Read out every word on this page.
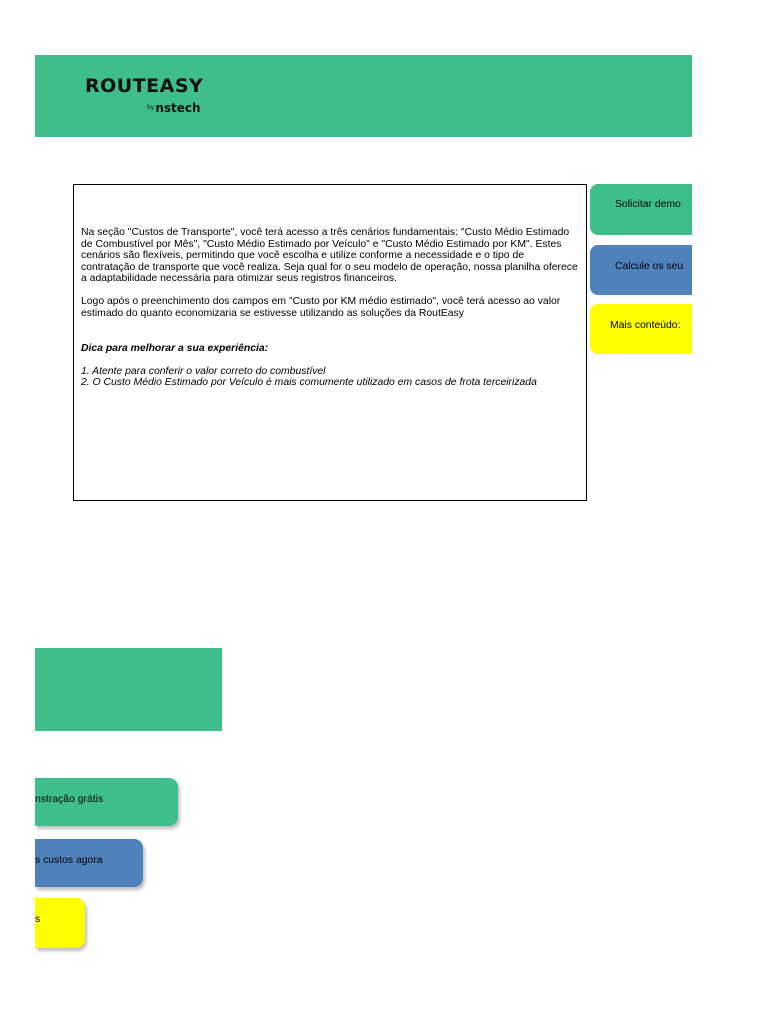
ROUTEASY
$^{by}$nstech

Na seção "Custos de Transporte", você terá acesso a três cenários fundamentais: "Custo Médio Estimado de Combustível por Mês", "Custo Médio Estimado por Veículo" e "Custo Médio Estimado por KM". Estes cenários são flexíveis, permitindo que você escolha e utilize conforme a necessidade e o tipo de contratação de transporte que você realiza. Seja qual for o seu modelo de operação, nossa planilha oferece a adaptabilidade necessária para otimizar seus registros financeiros.

Logo após o preenchimento dos campos em "Custo por KM médio estimado", você terá acesso ao valor estimado do quanto economizaria se estivesse utilizando as soluções da RoutEasy

Dica para melhorar a sua experiência:

1. Atente para conferir o valor correto do combustível

2. O Custo Médio Estimado por Veículo é mais comumente utilizado em casos de frota terceirizada

Solicitar demo
Calcule os seu
Mais conteúdo:
nstração grátis
s custos agora
s
